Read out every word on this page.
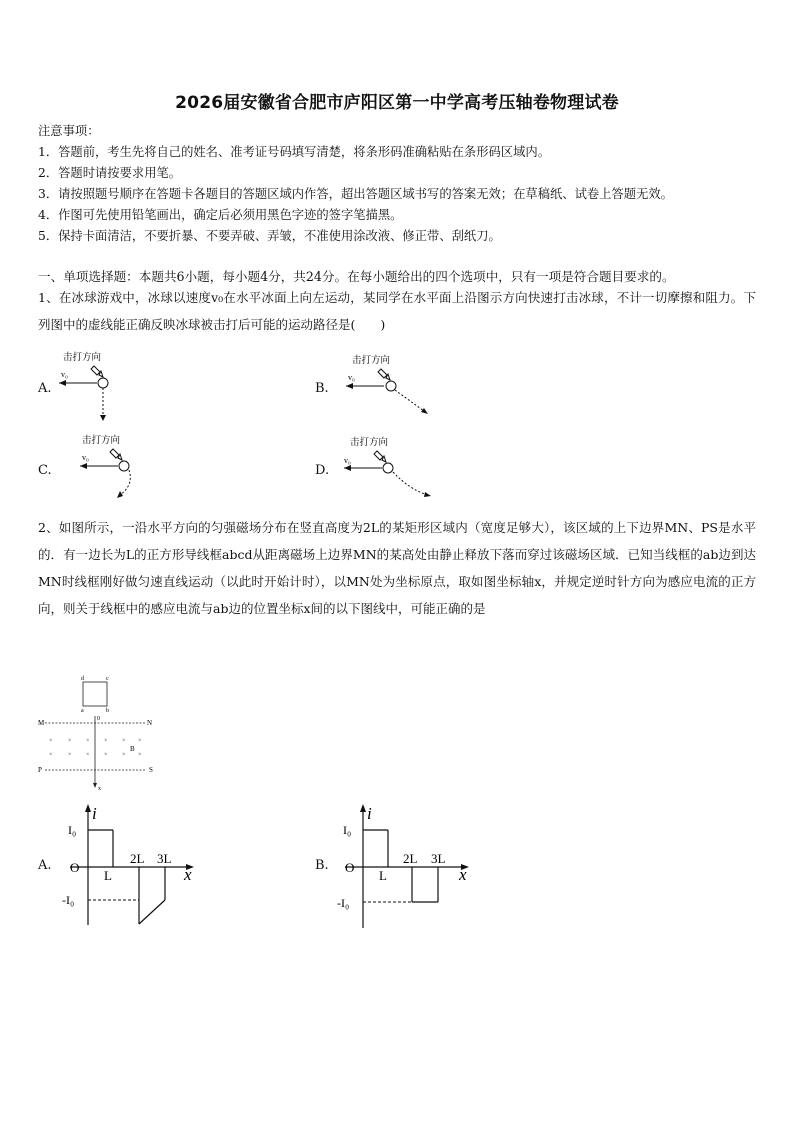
2026届安徽省合肥市庐阳区第一中学高考压轴卷物理试卷
注意事项：
1．答题前，考生先将自己的姓名、准考证号码填写清楚，将条形码准确粘贴在条形码区域内。
2．答题时请按要求用笔。
3．请按照题号顺序在答题卡各题目的答题区域内作答，超出答题区域书写的答案无效；在草稿纸、试卷上答题无效。
4．作图可先使用铅笔画出，确定后必须用黑色字迹的签字笔描黑。
5．保持卡面清洁，不要折暴、不要弄破、弄皱，不准使用涂改液、修正带、刮纸刀。
一、单项选择题：本题共6小题，每小题4分，共24分。在每小题给出的四个选项中，只有一项是符合题目要求的。
1、在冰球游戏中，冰球以速度v₀在水平冰面上向左运动，某同学在水平面上沿图示方向快速打击冰球，不计一切摩擦和阻力。下列图中的虚线能正确反映冰球被击打后可能的运动路径是(　　)
A.
击打方向
v₀
B.
击打方向
v₀
C.
击打方向
v₀
D.
击打方向
v₀
2、如图所示，一沿水平方向的匀强磁场分布在竖直高度为2L的某矩形区域内（宽度足够大），该区域的上下边界MN、PS是水平的．有一边长为L的正方形导线框abcd从距离磁场上边界MN的某高处由静止释放下落而穿过该磁场区域．已知当线框的ab边到达MN时线框刚好做匀速直线运动（以此时开始计时），以MN处为坐标原点，取如图坐标轴x，并规定逆时针方向为感应电流的正方向，则关于线框中的感应电流与ab边的位置坐标x间的以下图线中，可能正确的是
d	c
a	b
0
M	N
×	× × × × ×
×	× × × ×
B
×
P	S
x
A.
i
x
O
I₀
-I₀
L
2L 3L	B.
i
x
O
I₀
-I₀
L
2L 3L
